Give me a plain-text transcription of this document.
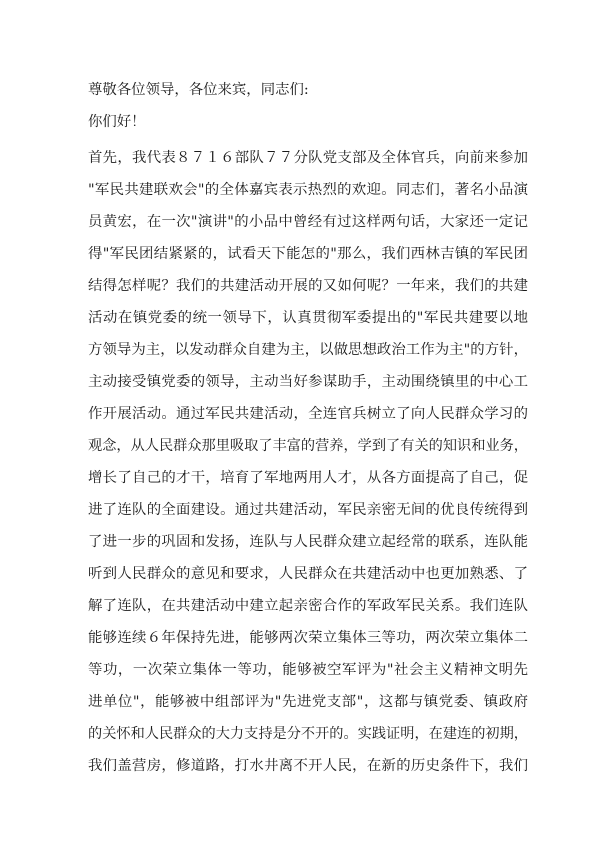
尊敬各位领导，各位来宾，同志们:
你们好！
首先，我代表８７１６部队７７分队党支部及全体官兵，向前来参加
"军民共建联欢会"的全体嘉宾表示热烈的欢迎。同志们，著名小品演
员黄宏，在一次"演讲"的小品中曾经有过这样两句话，大家还一定记
得"军民团结紧紧的，试看天下能怎的"那么，我们西林吉镇的军民团
结得怎样呢？我们的共建活动开展的又如何呢？一年来，我们的共建
活动在镇党委的统一领导下，认真贯彻军委提出的"军民共建要以地
方领导为主，以发动群众自建为主，以做思想政治工作为主"的方针，
主动接受镇党委的领导，主动当好参谋助手，主动围绕镇里的中心工
作开展活动。通过军民共建活动，全连官兵树立了向人民群众学习的
观念，从人民群众那里吸取了丰富的营养，学到了有关的知识和业务，
增长了自己的才干，培育了军地两用人才，从各方面提高了自己，促
进了连队的全面建设。通过共建活动，军民亲密无间的优良传统得到
了进一步的巩固和发扬，连队与人民群众建立起经常的联系，连队能
听到人民群众的意见和要求，人民群众在共建活动中也更加熟悉、了
解了连队，在共建活动中建立起亲密合作的军政军民关系。我们连队
能够连续６年保持先进，能够两次荣立集体三等功，两次荣立集体二
等功，一次荣立集体一等功，能够被空军评为"社会主义精神文明先
进单位"，能够被中组部评为"先进党支部"，这都与镇党委、镇政府
的关怀和人民群众的大力支持是分不开的。实践证明，在建连的初期，
我们盖营房，修道路，打水井离不开人民，在新的历史条件下，我们
